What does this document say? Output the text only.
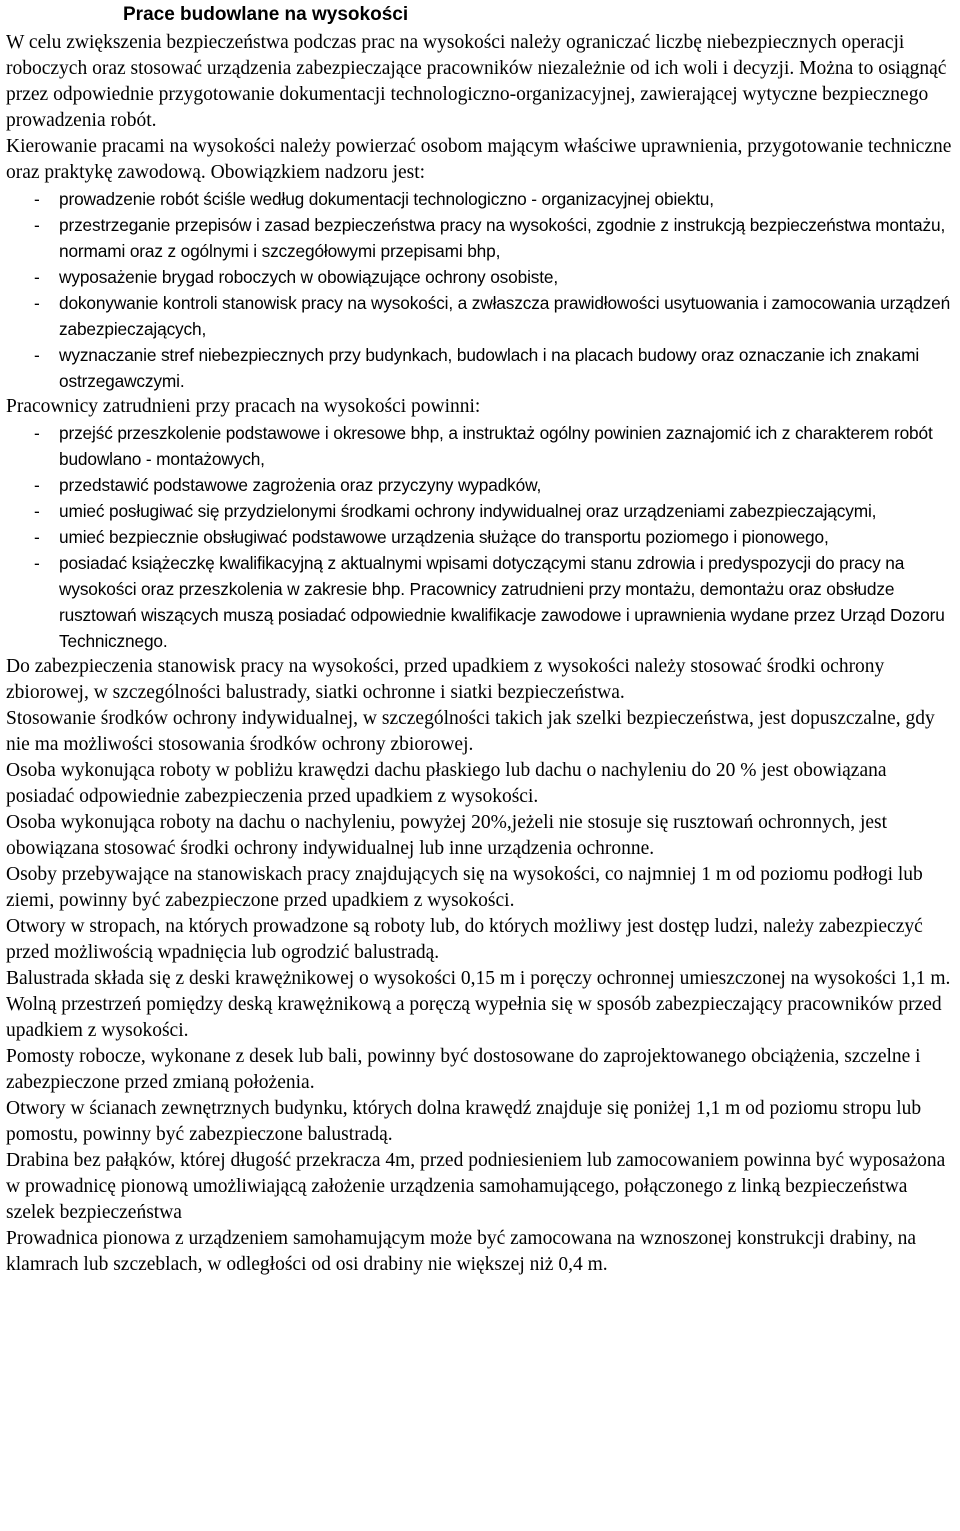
Prace budowlane na wysokości

W celu zwiększenia bezpieczeństwa podczas prac na wysokości należy ograniczać liczbę niebezpiecznych operacji roboczych oraz stosować urządzenia zabezpieczające pracowników niezależnie od ich woli i decyzji. Można to osiągnąć przez odpowiednie przygotowanie dokumentacji technologiczno-organizacyjnej, zawierającej wytyczne bezpiecznego prowadzenia robót.

Kierowanie pracami na wysokości należy powierzać osobom mającym właściwe uprawnienia, przygotowanie techniczne oraz praktykę zawodową. Obowiązkiem nadzoru jest:

- prowadzenie robót ściśle według dokumentacji technologiczno - organizacyjnej obiektu,
- przestrzeganie przepisów i zasad bezpieczeństwa pracy na wysokości, zgodnie z instrukcją bezpieczeństwa montażu, normami oraz z ogólnymi i szczegółowymi przepisami bhp,
- wyposażenie brygad roboczych w obowiązujące ochrony osobiste,
- dokonywanie kontroli stanowisk pracy na wysokości, a zwłaszcza prawidłowości usytuowania i zamocowania urządzeń zabezpieczających,
- wyznaczanie stref niebezpiecznych przy budynkach, budowlach i na placach budowy oraz oznaczanie ich znakami ostrzegawczymi.

Pracownicy zatrudnieni przy pracach na wysokości powinni:

- przejść przeszkolenie podstawowe i okresowe bhp, a instruktaż ogólny powinien zaznajomić ich z charakterem robót budowlano - montażowych,
- przedstawić podstawowe zagrożenia oraz przyczyny wypadków,
- umieć posługiwać się przydzielonymi środkami ochrony indywidualnej oraz urządzeniami zabezpieczającymi,
- umieć bezpiecznie obsługiwać podstawowe urządzenia służące do transportu poziomego i pionowego,
- posiadać książeczkę kwalifikacyjną z aktualnymi wpisami dotyczącymi stanu zdrowia i predyspozycji do pracy na wysokości oraz przeszkolenia w zakresie bhp. Pracownicy zatrudnieni przy montażu, demontażu oraz obsłudze rusztowań wiszących muszą posiadać odpowiednie kwalifikacje zawodowe i uprawnienia wydane przez Urząd Dozoru Technicznego.

Do zabezpieczenia stanowisk pracy na wysokości, przed upadkiem z wysokości należy stosować środki ochrony zbiorowej, w szczególności balustrady, siatki ochronne i siatki bezpieczeństwa.

Stosowanie środków ochrony indywidualnej, w szczególności takich jak szelki bezpieczeństwa, jest dopuszczalne, gdy nie ma możliwości stosowania środków ochrony zbiorowej.

Osoba wykonująca roboty w pobliżu krawędzi dachu płaskiego lub dachu o nachyleniu do 20 % jest obowiązana posiadać odpowiednie zabezpieczenia przed upadkiem z wysokości.

Osoba wykonująca roboty na dachu o nachyleniu, powyżej 20%,jeżeli nie stosuje się rusztowań ochronnych, jest obowiązana stosować środki ochrony indywidualnej lub inne urządzenia ochronne.

Osoby przebywające na stanowiskach pracy znajdujących się na wysokości, co najmniej 1 m od poziomu podłogi lub ziemi, powinny być zabezpieczone przed upadkiem z wysokości.

Otwory w stropach, na których prowadzone są roboty lub, do których możliwy jest dostęp ludzi, należy zabezpieczyć przed możliwością wpadnięcia lub ogrodzić balustradą.

Balustrada składa się z deski krawężnikowej o wysokości 0,15 m i poręczy ochronnej umieszczonej na wysokości 1,1 m. Wolną przestrzeń pomiędzy deską krawężnikową a poręczą wypełnia się w sposób zabezpieczający pracowników przed upadkiem z wysokości.

Pomosty robocze, wykonane z desek lub bali, powinny być dostosowane do zaprojektowanego obciążenia, szczelne i zabezpieczone przed zmianą położenia.

Otwory w ścianach zewnętrznych budynku, których dolna krawędź znajduje się poniżej 1,1 m od poziomu stropu lub pomostu, powinny być zabezpieczone balustradą.

Drabina bez pałąków, której długość przekracza 4m, przed podniesieniem lub zamocowaniem powinna być wyposażona w prowadnicę pionową umożliwiającą założenie urządzenia samohamującego, połączonego z linką bezpieczeństwa szelek bezpieczeństwa

Prowadnica pionowa z urządzeniem samohamującym może być zamocowana na wznoszonej konstrukcji drabiny, na klamrach lub szczeblach, w odległości od osi drabiny nie większej niż 0,4 m.
